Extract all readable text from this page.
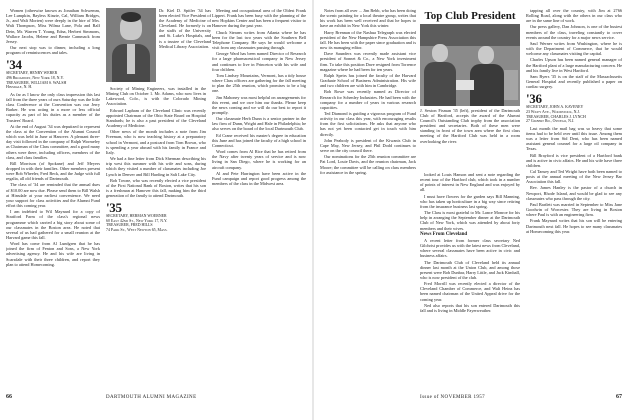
Women (otherwise known as Jonathan Schwemm, Lee Lumpkin, Bayless Kinzie, Cal, William Bridges, Jr., and Walt Morten) were deeply in the hire of Mrs. Walt Thompson, Miss Wilma Lane, Pola and Ralf Dein, Mr. Warren T. Young, Edna, Herbert Simmons, Wallace Jacobs, Helene and Bernie Cammack from Jersey.

Our next stop was to dinner, including a long program of reminiscences and tales.

'34
SECRETARY, HENRY WEBER
496 Broadway, New York 18, N.Y.
TREASURER, WILLIAM S. WALSH
Hinsdale, N. H.

As far as I know the only class impression this last fall from the three years of ours Saturday was the little class Conference at the Convention was our Jerry Barker. He was acting in a more or less official capacity as part of his duties as a member of the Trustees' Board.

At the end of August '34 was deputized to represent the class at the Convention of the Alumni Council which was held in June at Hanover. A pleasant three-day visit followed in the company of Ralph Wormeley as Chairman of the Class committee, and a good many others were there, including officers, members of the class, and class families.

Bill Morrison (of Spokane) and Jeff Meyers dropped in with their families. Other members present were Bob Wheeler, Fred Beck, and the Judge with full regalia, all old friends of Dartmouth.

The class of '34 are reminded that the annual dues of $10.00 are now due. Please send them to Bill Walsh at Hinsdale at your earliest convenience. We need your support for class activities and the Alumni Fund effort this coming year.

I am indebted to Wil Maynard for a copy of Stratford Farm of the class's regional news programme which carried a big story about some of our classmates in the Boston area. He noted that several of us had gathered for a small reunion at the Harvard game this fall.

Word has come from Al Lundgren that he has joined the firm of Fenton and Sons, a New York advertising agency. He and his wife are living in Scarsdale with their three children, and report they plan to attend Homecoming.

Dr. Kiel D. Spitler '34 has been elected Vice President of the Academy of Medicine of Cleveland. He formerly is on the staffs of the University and St. Luke's Hospitals, and is a trustee of the Cleveland Medical Library Association.

Society of Mining Engineers, was installed in the Mining Club on October 1. Mr. Adams, who now lives in Lakewood, Colo., is with the Colorado Mining Association.

Edward Lapham of the Cleveland Clinic was recently appointed Chairman of the Ohio State Board on Hospital Standards; he is also a past president of the Cleveland Academy of Medicine.

Other news of the month includes a note from Jim Freeman, who is now teaching history at a preparatory school in Vermont, and a postcard from Tom Brown, who is spending a year abroad with his family in France and Italy.

We had a fine letter from Dick Sherman describing his trip west this summer with his wife and sons, during which they visited a number of classmates including Joe Lynch in Denver and Bill Harding in Salt Lake City.

Bob Towne, who was recently elected a vice president of the First National Bank of Boston, writes that his son is a freshman at Hanover this fall, making him the third generation of the family to attend Dartmouth.

'35
SECRETARY, HERMAN WOERNER
60 East 42nd St., New York 17, N.Y.
TREASURER, FRED HILLS
74 Park St., West Newton 65, Mass.

Meeting and occupational area of the Oldest Frank Lippert. Frank has been busy with the planning of the new Hopkins Center and has been a frequent visitor to Hanover during the past year.

Chuck Stearns writes from Atlanta where he has been for the last two years with the Southern Bell Telephone Company. He says he would welcome a visit from any classmates passing through.

George Ward has been named Director of Research for a large pharmaceutical company in New Jersey and continues to live in Princeton with his wife and four children.

Tom Lindsey Mountains, Vermont, has a tidy house where Class officers are gathering for the fall meeting to plan the 25th reunion, which promises to be a big one.

Jim Mahoney was most helpful on arrangements for this event, and we owe him our thanks. Please keep the news coming and we will do our best to report it promptly.

Our classmate Herb Dunn is a senior partner in the law firm of Dunn, Wright and Hale in Philadelphia; he also serves on the board of the local Dartmouth Club.

Ed Crane received his master's degree in education this June and has joined the faculty of a high school in Connecticut.

Word comes from Al Rice that he has retired from the Navy after twenty years of service and is now living in San Diego, where he is working for an aircraft company.

Al and Pete Harrington have been active in the Fund campaign and report good progress among the members of the class in the Midwest area.

66	DARTMOUTH ALUMNI MAGAZINE

Notes from all over ... Jim Bebb, who has been doing the scenic painting for a local theatre group, writes that his work has been well received and that he hopes to have an exhibit in New York this winter.

Harry Brennan of the Nashua Telegraph was elected president of the New Hampshire Press Association this fall. He has been with the paper since graduation and is now its managing editor.

Dave Saunders was recently made assistant vice president of Sonnet & Co., a New York investment firm. To take this position Dave resigned from Torrence magazine where he had been for ten years.

Ralph Speirs has joined the faculty of the Harvard Graduate School of Business Administration. His wife and two children are with him in Cambridge.

Bob Rowe was recently named as Director of Research for Schenley Industries. He had been with the company for a number of years in various research capacities.

Ted Diamond is guiding a vigorous program of Fund activity in our class this year, with encouraging results from the first solicitations. He asks that anyone who has not yet been contacted get in touch with him directly.

John Peabody is president of the Kiwanis Club in Cape May, New Jersey, and Phil Dodd continues to serve on the city council there.

Our nominations for the 25th reunion committee are Pat Lord, Louie Davis, and the reunion chairman, Jack Moore; the committee will be calling on class members for assistance in the spring.

Top Club President
J. Sexton Fisman '35 (left), president of the Dartmouth Club of Hartford, accepts the award of the Alumni Council's Outstanding Club trophy from the association president and secretaries. Both of these men were standing in front of the town area where the first class meeting of the Hartford Club was held in a room overlooking the river.

looked at Louis Hanson and sent a note regarding the recent tour of the Hartford club, which took in a number of points of interest in New England and was enjoyed by all.

I must have flowers for the garden says Bill Manning, who has taken up horticulture in a big way since retiring from the insurance business last spring.

The Class is most grateful to Mr. Lance Monroe for his help in arranging the September dinner at the Dartmouth Club of New York, which was attended by about forty members and their wives.

News From Cleveland

A recent letter from former class secretary Ned Gilchrist provides us with the latest news from Cleveland, where several classmates have been active in civic and business affairs.

The Dartmouth Club of Cleveland held its annual dinner last month at the Union Club, and among those present were Bob Dunbar, Harry Little, and Jack Kimball, who is now president of the club.

Fred Morrill was recently elected a director of the Cleveland Chamber of Commerce, and Walt Heinz has been named chairman of the United Appeal drive for the coming year.

Ned also reports that his son entered Dartmouth this fall and is living in Middle Fayerweather.

tapping all over the country, with Jim at 2766 Rolling Road, along with the others in our class who are in the same line of work.

Our press gallery, Dan Johnson, is one of the busiest members of the class, traveling constantly to cover events around the country for a major news service.

Saul Werner writes from Washington, where he is with the Department of Commerce, that he would welcome any classmates visiting the capital.

Charles Upson has been named general manager of the Hartford plant of a large manufacturing concern. He and his family live in West Hartford.

Sam Byers '35 is on the staff of the Massachusetts General Hospital and recently published a paper on cardiac surgery.

'36
SECRETARY, JOHN A. KAVENEY
23 Wiley Ave., Woodstock, N.J.
TREASURER, CHARLES J. LYNCH
27 Gilbert Rd., Oswego, N.J.

Last month the mail bag was so heavy that some items had to be held over until this issue. Among them was a letter from Sid Dent, who has been named assistant general counsel for a large oil company in Texas.

Bill Brayford is vice president of a Hartford bank and is active in civic affairs. He and his wife have three children.

Cal Tansey and Ted Wright have both been named to posts at the annual meeting of the New Jersey Bar Association this fall.

Rev. James Hanley is the pastor of a church in Newport, Rhode Island, and would be glad to see any classmates who pass through the city.

Paul Bartlett was married in September to Miss Jane Goodwin of Worcester. They are living in Boston where Paul is with an engineering firm.

Frank Maynard writes that his son will be entering Dartmouth next fall. He hopes to see many classmates at Homecoming this year.

Issue of NOVEMBER 1957	67
